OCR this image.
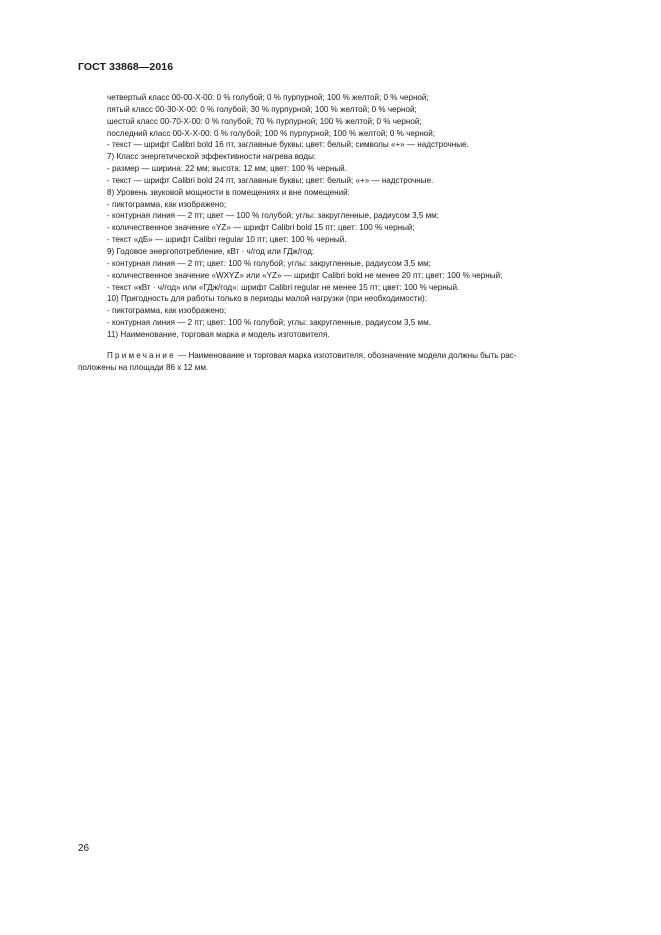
ГОСТ 33868—2016
четвертый класс 00-00-X-00: 0 % голубой; 0 % пурпурной; 100 % желтой; 0 % черной;
пятый класс 00-30-X-00: 0 % голубой; 30 % пурпурной; 100 % желтой; 0 % черной;
шестой класс 00-70-X-00: 0 % голубой; 70 % пурпурной; 100 % желтой; 0 % черной;
последний класс 00-X-X-00: 0 % голубой; 100 % пурпурной; 100 % желтой; 0 % черной;
- текст — шрифт Calibri bold 16 пт, заглавные буквы; цвет: белый; символы «+» — надстрочные.
7) Класс энергетической эффективности нагрева воды:
- размер — ширина: 22 мм; высота: 12 мм; цвет: 100 % черный.
- текст — шрифт Calibri bold 24 пт, заглавные буквы; цвет: белый; «+» — надстрочные.
8) Уровень звуковой мощности в помещениях и вне помещений:
- пиктограмма, как изображено;
- контурная линия — 2 пт; цвет — 100 % голубой; углы: закругленные, радиусом 3,5 мм;
- количественное значение «YZ» — шрифт Calibri bold 15 пт; цвет: 100 % черный;
- текст «дБ» — шрифт Calibri regular 10 пт; цвет: 100 % черный.
9) Годовое энергопотребление, кВт · ч/год или ГДж/год:
- контурная линия — 2 пт; цвет: 100 % голубой; углы: закругленные, радиусом 3,5 мм;
- количественное значение «WXYZ» или «YZ» — шрифт Calibri bold не менее 20 пт; цвет: 100 % черный;
- текст «кВт · ч/год» или «ГДж/год»: шрифт Calibri regular не менее 15 пт; цвет: 100 % черный.
10) Пригодность для работы только в периоды малой нагрузки (при необходимости):
- пиктограмма, как изображено;
- контурная линия — 2 пт; цвет: 100 % голубой; углы: закругленные, радиусом 3,5 мм.
11) Наименование, торговая марка и модель изготовителя.
Примечание — Наименование и торговая марка изготовителя, обозначение модели должны быть рас-
положены на площади 86 x 12 мм.
26
